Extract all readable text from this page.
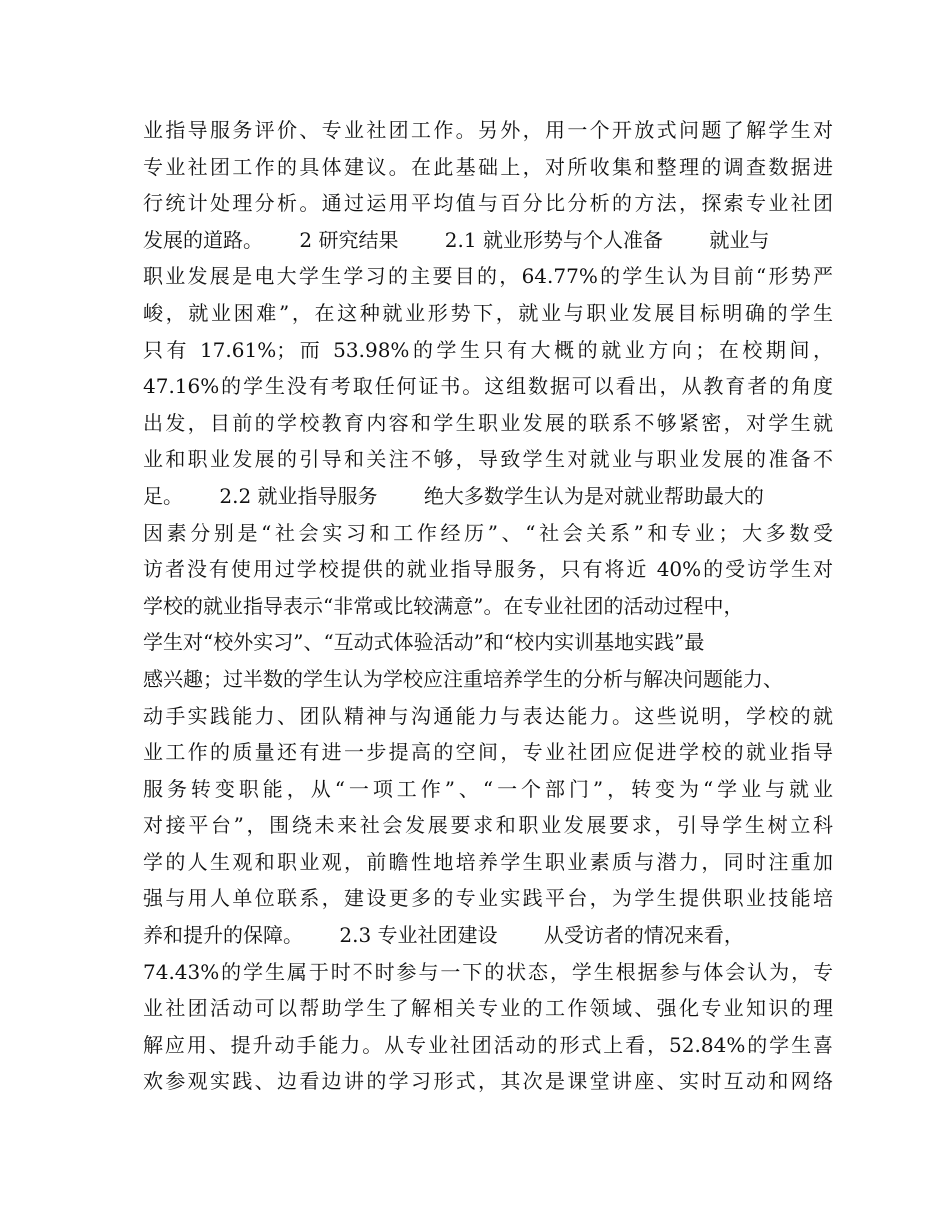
业指导服务评价、专业社团工作。另外，用一个开放式问题了解学生对
专业社团工作的具体建议。在此基础上，对所收集和整理的调查数据进
行统计处理分析。通过运用平均值与百分比分析的方法，探索专业社团
发展的道路。　　 2 研究结果　　 2.1 就业形势与个人准备　　 就业与
职业发展是电大学生学习的主要目的，64.77%的学生认为目前“形势严
峻，就业困难”，在这种就业形势下，就业与职业发展目标明确的学生
只有 17.61%；而 53.98%的学生只有大概的就业方向；在校期间，
47.16%的学生没有考取任何证书。这组数据可以看出，从教育者的角度
出发，目前的学校教育内容和学生职业发展的联系不够紧密，对学生就
业和职业发展的引导和关注不够，导致学生对就业与职业发展的准备不
足。　　 2.2 就业指导服务　　 绝大多数学生认为是对就业帮助最大的
因素分别是“社会实习和工作经历”、“社会关系”和专业；大多数受
访者没有使用过学校提供的就业指导服务，只有将近 40%的受访学生对
学校的就业指导表示“非常或比较满意”。在专业社团的活动过程中，
学生对“校外实习”、“互动式体验活动”和“校内实训基地实践”最
感兴趣；过半数的学生认为学校应注重培养学生的分析与解决问题能力、
动手实践能力、团队精神与沟通能力与表达能力。这些说明，学校的就
业工作的质量还有进一步提高的空间，专业社团应促进学校的就业指导
服务转变职能，从“一项工作”、“一个部门”，转变为“学业与就业
对接平台”，围绕未来社会发展要求和职业发展要求，引导学生树立科
学的人生观和职业观，前瞻性地培养学生职业素质与潜力，同时注重加
强与用人单位联系，建设更多的专业实践平台，为学生提供职业技能培
养和提升的保障。　　 2.3 专业社团建设　　 从受访者的情况来看，
74.43%的学生属于时不时参与一下的状态，学生根据参与体会认为，专
业社团活动可以帮助学生了解相关专业的工作领域、强化专业知识的理
解应用、提升动手能力。从专业社团活动的形式上看，52.84%的学生喜
欢参观实践、边看边讲的学习形式，其次是课堂讲座、实时互动和网络
